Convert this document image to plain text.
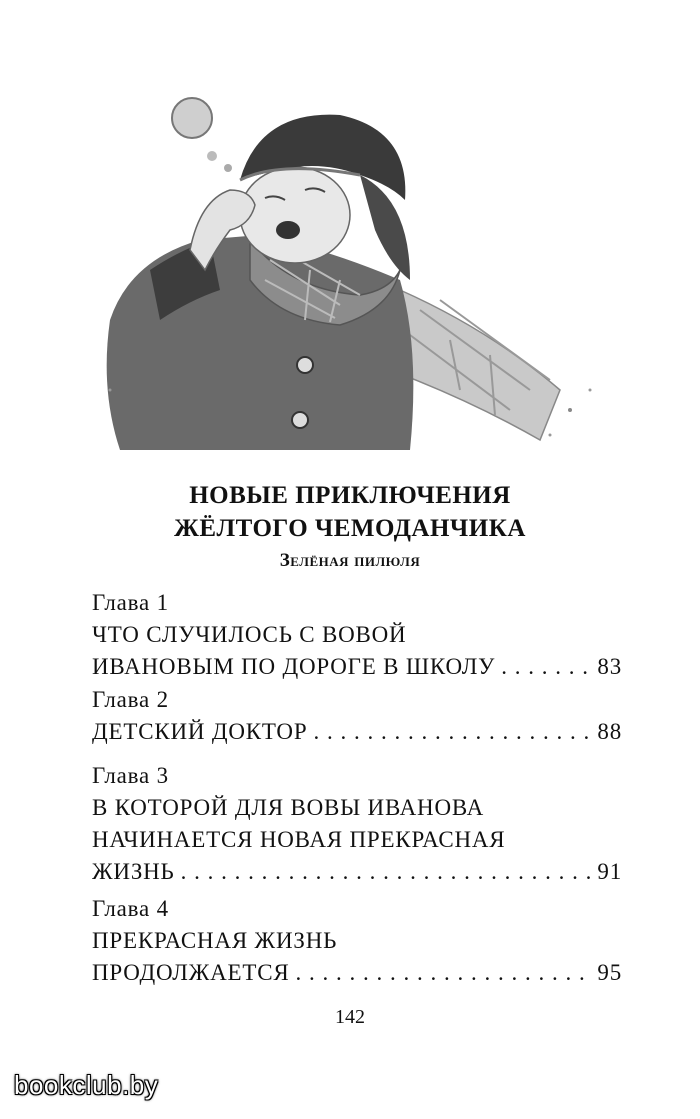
НОВЫЕ ПРИКЛЮЧЕНИЯ
ЖЁЛТОГО ЧЕМОДАНЧИКА
Зелёная пилюля
Глава 1
ЧТО СЛУЧИЛОСЬ С ВОВОЙ
ИВАНОВЫМ ПО ДОРОГЕ В ШКОЛУ . . .	83
Глава 2
ДЕТСКИЙ ДОКТОР . . .	88
Глава 3
В КОТОРОЙ ДЛЯ ВОВЫ ИВАНОВА
НАЧИНАЕТСЯ НОВАЯ ПРЕКРАСНАЯ
ЖИЗНЬ . . .	91
Глава 4
ПРЕКРАСНАЯ ЖИЗНЬ
ПРОДОЛЖАЕТСЯ . . .	95
142
bookclub.by
